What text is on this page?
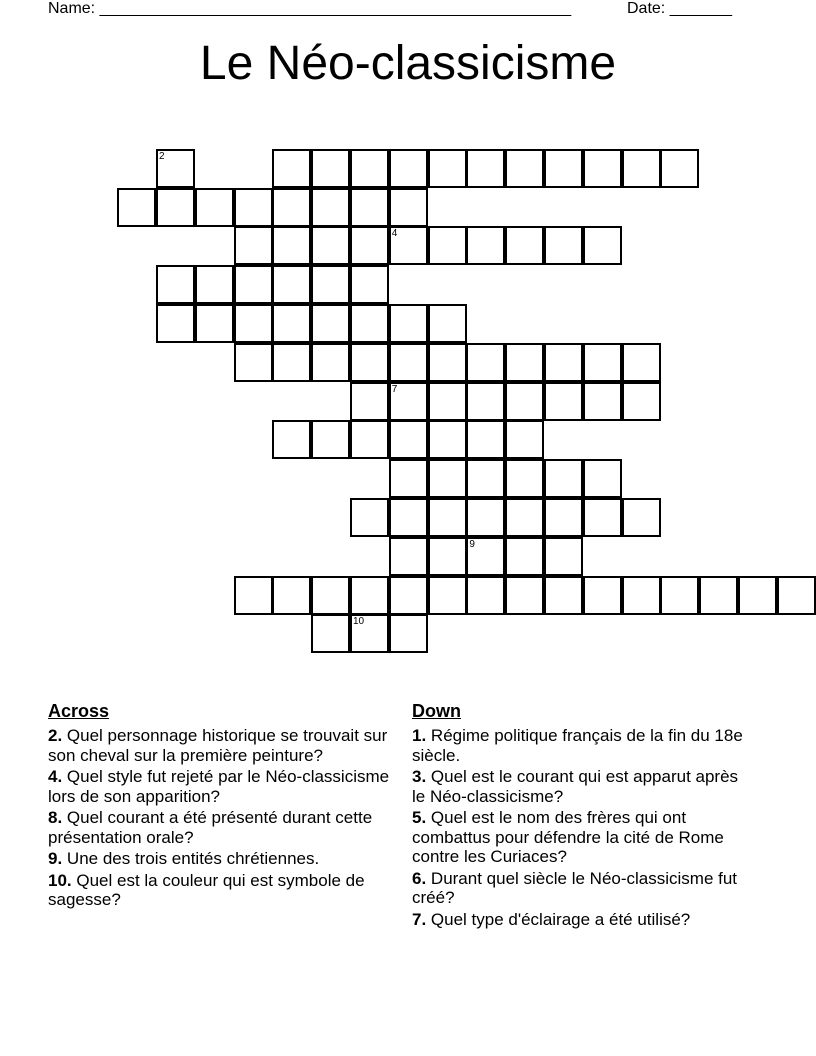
Name: _____________________________________________________	Date: _______
Le Néo-classicisme
2
4
7
9
10
Across
2. Quel personnage historique se trouvait sur son cheval sur la première peinture?
4. Quel style fut rejeté par le Néo-classicisme lors de son apparition?
8. Quel courant a été présenté durant cette présentation orale?
9. Une des trois entités chrétiennes.
10. Quel est la couleur qui est symbole de sagesse?
Down
1. Régime politique français de la fin du 18e siècle.
3. Quel est le courant qui est apparut après le Néo-classicisme?
5. Quel est le nom des frères qui ont combattus pour défendre la cité de Rome contre les Curiaces?
6. Durant quel siècle le Néo-classicisme fut créé?
7. Quel type d'éclairage a été utilisé?
